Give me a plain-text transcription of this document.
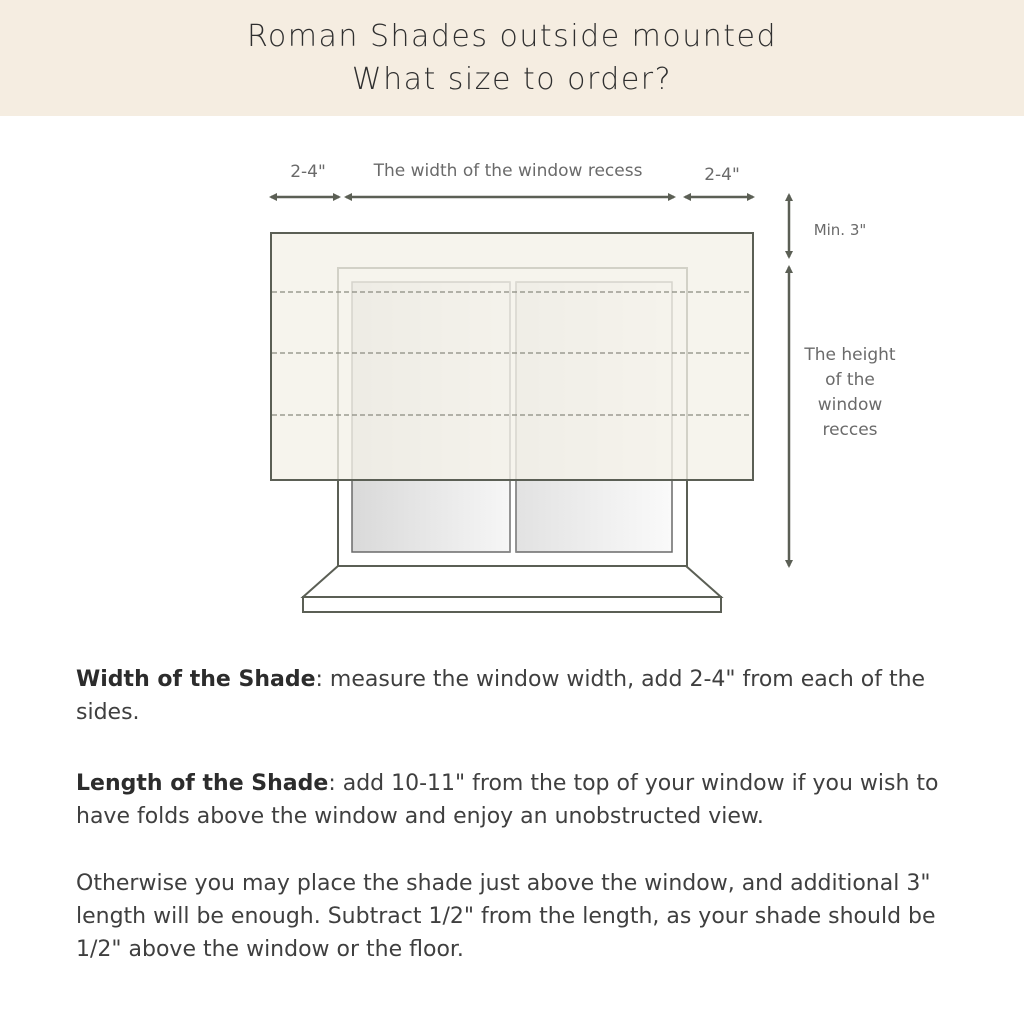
Roman Shades outside mounted
What size to order?
2-4"	The width of the window recess	2-4"
Min. 3"
The height
of the
window
recces
Width of the Shade: measure the window width, add 2-4" from each of the sides.
Length of the Shade: add 10-11" from the top of your window if you wish to have folds above the window and enjoy an unobstructed view.
Otherwise you may place the shade just above the window, and additional 3" length will be enough. Subtract 1/2" from the length, as your shade should be 1/2" above the window or the floor.
